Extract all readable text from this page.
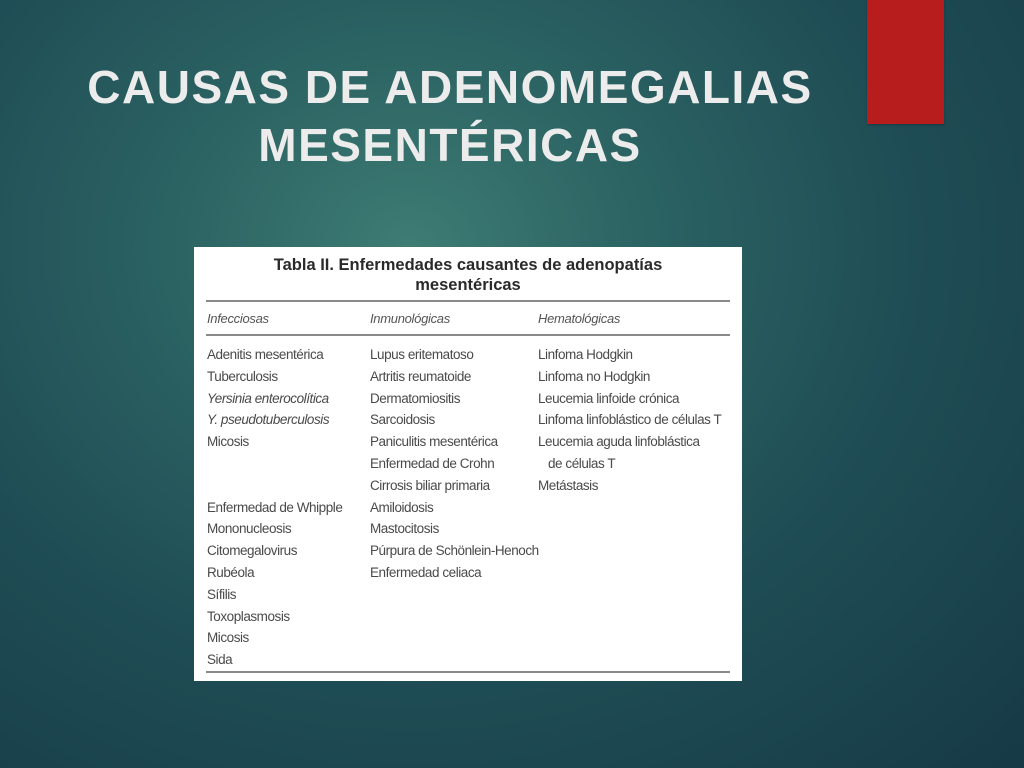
CAUSAS DE ADENOMEGALIAS
MESENTÉRICAS

Tabla II. Enfermedades causantes de adenopatías
mesentéricas

Infecciosas	Inmunológicas	Hematológicas
Adenitis mesentérica
Tuberculosis
Yersinia enterocolítica
Y. pseudotuberculosis
Micosis
Enfermedad de Whipple
Mononucleosis
Citomegalovirus
Rubéola
Sífilis
Toxoplasmosis
Micosis
Sida
Lupus eritematoso
Artritis reumatoide
Dermatomiositis
Sarcoidosis
Paniculitis mesentérica
Enfermedad de Crohn
Cirrosis biliar primaria
Amiloidosis
Mastocitosis
Púrpura de Schönlein-Henoch
Enfermedad celiaca
Linfoma Hodgkin
Linfoma no Hodgkin
Leucemia linfoide crónica
Linfoma linfoblástico de células T
Leucemia aguda linfoblástica
de células T
Metástasis
